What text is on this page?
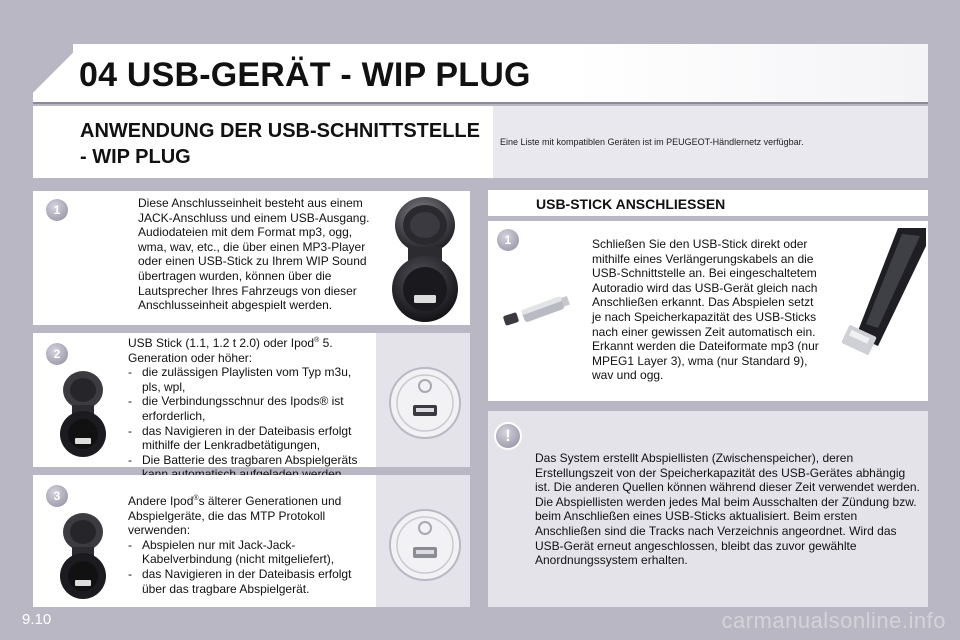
04 USB-GERÄT - WIP PLUG
ANWENDUNG DER USB-SCHNITTSTELLE - WIP PLUG
Eine Liste mit kompatiblen Geräten ist im PEUGEOT-Händlernetz verfügbar.
1	Diese Anschlusseinheit besteht aus einem JACK-Anschluss und einem USB-Ausgang. Audiodateien mit dem Format mp3, ogg, wma, wav, etc., die über einen MP3-Player oder einen USB-Stick zu Ihrem WIP Sound übertragen wurden, können über die Lautsprecher Ihres Fahrzeugs von dieser Anschlusseinheit abgespielt werden.
2
USB Stick (1.1, 1.2 t 2.0) oder Ipod® 5. Generation oder höher:
- die zulässigen Playlisten vom Typ m3u, pls, wpl,
- die Verbindungsschnur des Ipods® ist erforderlich,
- das Navigieren in der Dateibasis erfolgt mithilfe der Lenkradbetätigungen,
- Die Batterie des tragbaren Abspielgeräts
3	Andere Ipod®s älterer Generationen und Abspielgeräte, die das MTP Protokoll verwenden:
- Abspielen nur mit Jack-Jack-Kabelverbindung (nicht mitgeliefert),
- das Navigieren in der Dateibasis erfolgt über das tragbare Abspielgerät.
USB-STICK ANSCHLIESSEN
1	Schließen Sie den USB-Stick direkt oder mithilfe eines Verlängerungskabels an die USB-Schnittstelle an. Bei eingeschaltetem Autoradio wird das USB-Gerät gleich nach Anschließen erkannt. Das Abspielen setzt je nach Speicherkapazität des USB-Sticks nach einer gewissen Zeit automatisch ein. Erkannt werden die Dateiformate mp3 (nur MPEG1 Layer 3), wma (nur Standard 9), wav und ogg.
!
Das System erstellt Abspiellisten (Zwischenspeicher), deren Erstellungszeit von der Speicherkapazität des USB-Gerätes abhängig ist. Die anderen Quellen können während dieser Zeit verwendet werden. Die Abspiellisten werden jedes Mal beim Ausschalten der Zündung bzw. beim Anschließen eines USB-Sticks aktualisiert. Beim ersten Anschließen sind die Tracks nach Verzeichnis angeordnet. Wird das USB-Gerät erneut angeschlossen, bleibt das zuvor gewählte Anordnungssystem erhalten.
9.10	carmanualsonline.info
